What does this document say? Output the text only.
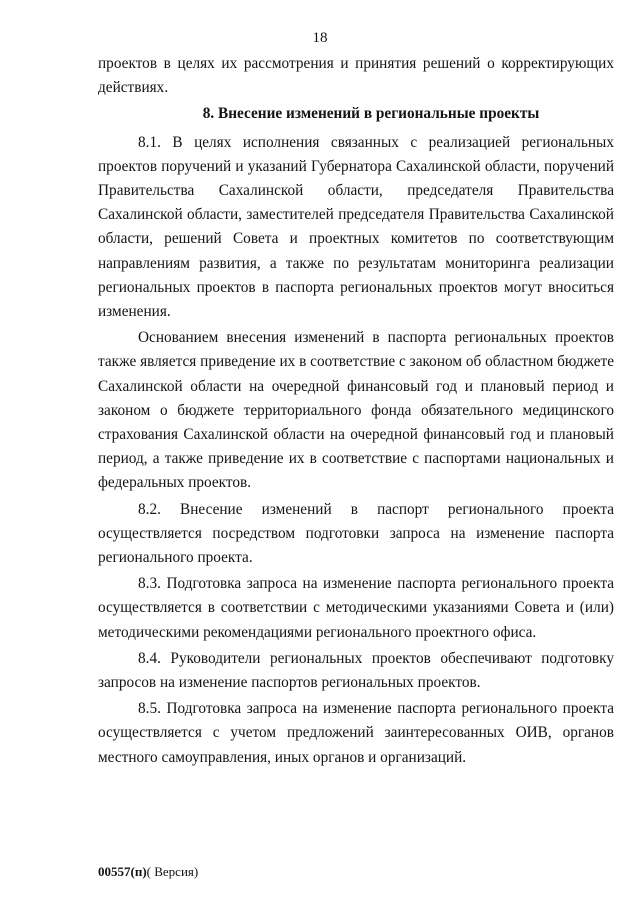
18

проектов в целях их рассмотрения и принятия решений о корректирующих действиях.

8. Внесение изменений в региональные проекты

8.1. В целях исполнения связанных с реализацией региональных проектов поручений и указаний Губернатора Сахалинской области, поручений Правительства Сахалинской области, председателя Правительства Сахалинской области, заместителей председателя Правительства Сахалинской области, решений Совета и проектных комитетов по соответствующим направлениям развития, а также по результатам мониторинга реализации региональных проектов в паспорта региональных проектов могут вноситься изменения.

Основанием внесения изменений в паспорта региональных проектов также является приведение их в соответствие с законом об областном бюджете Сахалинской области на очередной финансовый год и плановый период и законом о бюджете территориального фонда обязательного медицинского страхования Сахалинской области на очередной финансовый год и плановый период, а также приведение их в соответствие с паспортами национальных и федеральных проектов.

8.2. Внесение изменений в паспорт регионального проекта осуществляется посредством подготовки запроса на изменение паспорта регионального проекта.

8.3. Подготовка запроса на изменение паспорта регионального проекта осуществляется в соответствии с методическими указаниями Совета и (или) методическими рекомендациями регионального проектного офиса.

8.4. Руководители региональных проектов обеспечивают подготовку запросов на изменение паспортов региональных проектов.

8.5. Подготовка запроса на изменение паспорта регионального проекта осуществляется с учетом предложений заинтересованных ОИВ, органов местного самоуправления, иных органов и организаций.

00557(п)( Версия)
